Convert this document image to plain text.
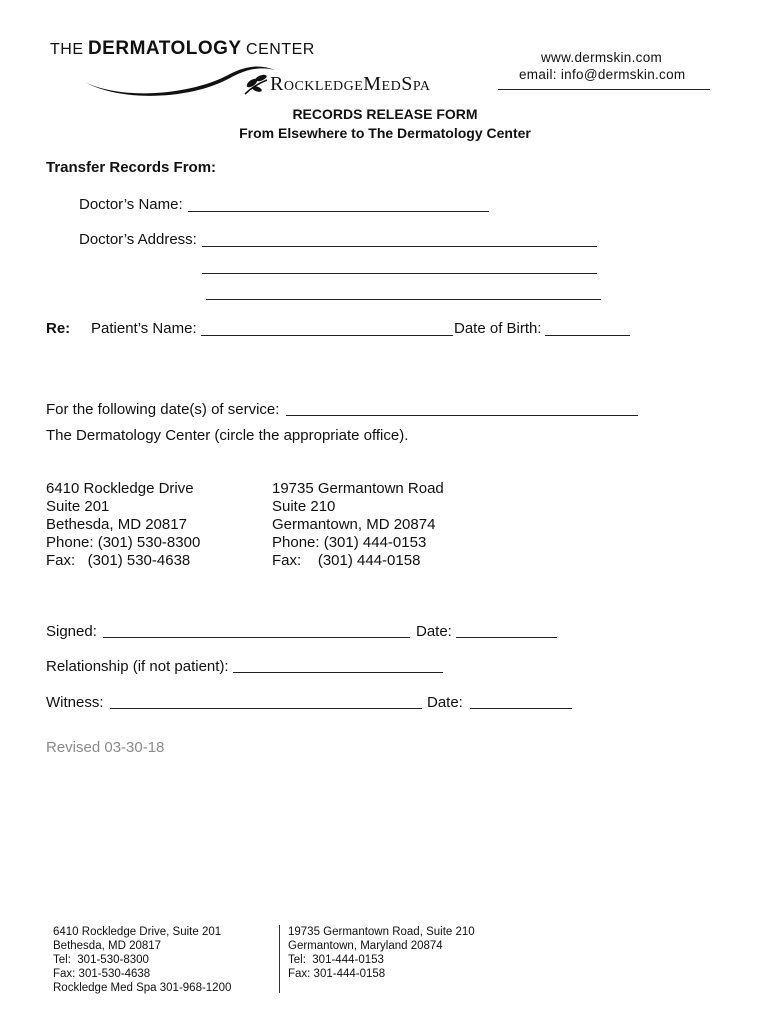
THE DERMATOLOGY CENTER
RockledgeMedSpa
www.dermskin.com
email: info@dermskin.com
RECORDS RELEASE FORM
From Elsewhere to The Dermatology Center
Transfer Records From:
Doctor’s Name:
Doctor’s Address:
Re: Patient’s Name:	Date of Birth:
For the following date(s) of service:
The Dermatology Center (circle the appropriate office).
6410 Rockledge Drive
Suite 201
Bethesda, MD 20817
Phone: (301) 530-8300
Fax:   (301) 530-4638
19735 Germantown Road
Suite 210
Germantown, MD 20874
Phone: (301) 444-0153
Fax:    (301) 444-0158
Signed:	Date:
Relationship (if not patient):
Witness:	Date:
Revised 03-30-18
6410 Rockledge Drive, Suite 201
Bethesda, MD 20817
Tel:  301-530-8300
Fax: 301-530-4638
Rockledge Med Spa 301-968-1200
19735 Germantown Road, Suite 210
Germantown, Maryland 20874
Tel:  301-444-0153
Fax: 301-444-0158
